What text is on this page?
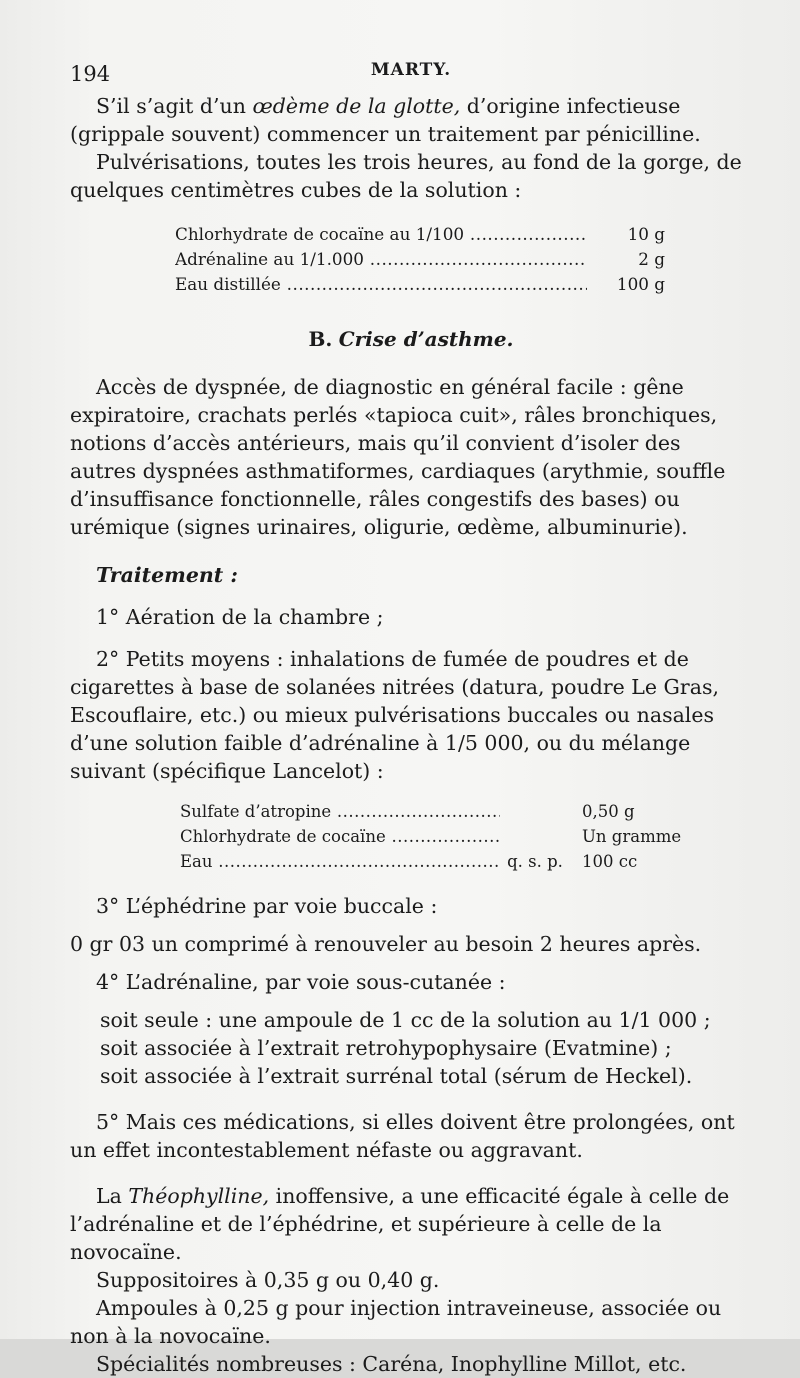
194	MARTY.

S’il s’agit d’un œdème de la glotte, d’origine infectieuse (grippale souvent) commencer un traitement par pénicilline.

Pulvérisations, toutes les trois heures, au fond de la gorge, de quelques centimètres cubes de la solution :

Chlorhydrate de cocaïne au 1/100 .....	10 g
Adrénaline au 1/1.000 .....	2 g
Eau distillée .....	100 g
B. Crise d’asthme.

Accès de dyspnée, de diagnostic en général facile : gêne expiratoire, crachats perlés «tapioca cuit», râles bronchiques, notions d’accès antérieurs, mais qu’il convient d’isoler des autres dyspnées asthmatiformes, cardiaques (arythmie, souffle d’insuffisance fonctionnelle, râles congestifs des bases) ou urémique (signes urinaires, oligurie, œdème, albuminurie).

Traitement :

1° Aération de la chambre ;

2° Petits moyens : inhalations de fumée de poudres et de cigarettes à base de solanées nitrées (datura, poudre Le Gras, Escouflaire, etc.) ou mieux pulvérisations buccales ou nasales d’une solution faible d’adrénaline à 1/5 000, ou du mélange suivant (spécifique Lancelot) :

Sulfate d’atropine .....	0,50 g
Chlorhydrate de cocaïne .....	Un gramme
Eau .....	q. s. p.	100 cc

3° L’éphédrine par voie buccale :

0 gr 03 un comprimé à renouveler au besoin 2 heures après.

4° L’adrénaline, par voie sous-cutanée :

soit seule : une ampoule de 1 cc de la solution au 1/1 000 ;

soit associée à l’extrait retrohypophysaire (Evatmine) ;

soit associée à l’extrait surrénal total (sérum de Heckel).

5° Mais ces médications, si elles doivent être prolongées, ont un effet incontestablement néfaste ou aggravant.

La Théophylline, inoffensive, a une efficacité égale à celle de l’adrénaline et de l’éphédrine, et supérieure à celle de la novocaïne.

Suppositoires à 0,35 g ou 0,40 g.

Ampoules à 0,25 g pour injection intraveineuse, associée ou non à la novocaïne.

Spécialités nombreuses : Caréna, Inophylline Millot, etc.
